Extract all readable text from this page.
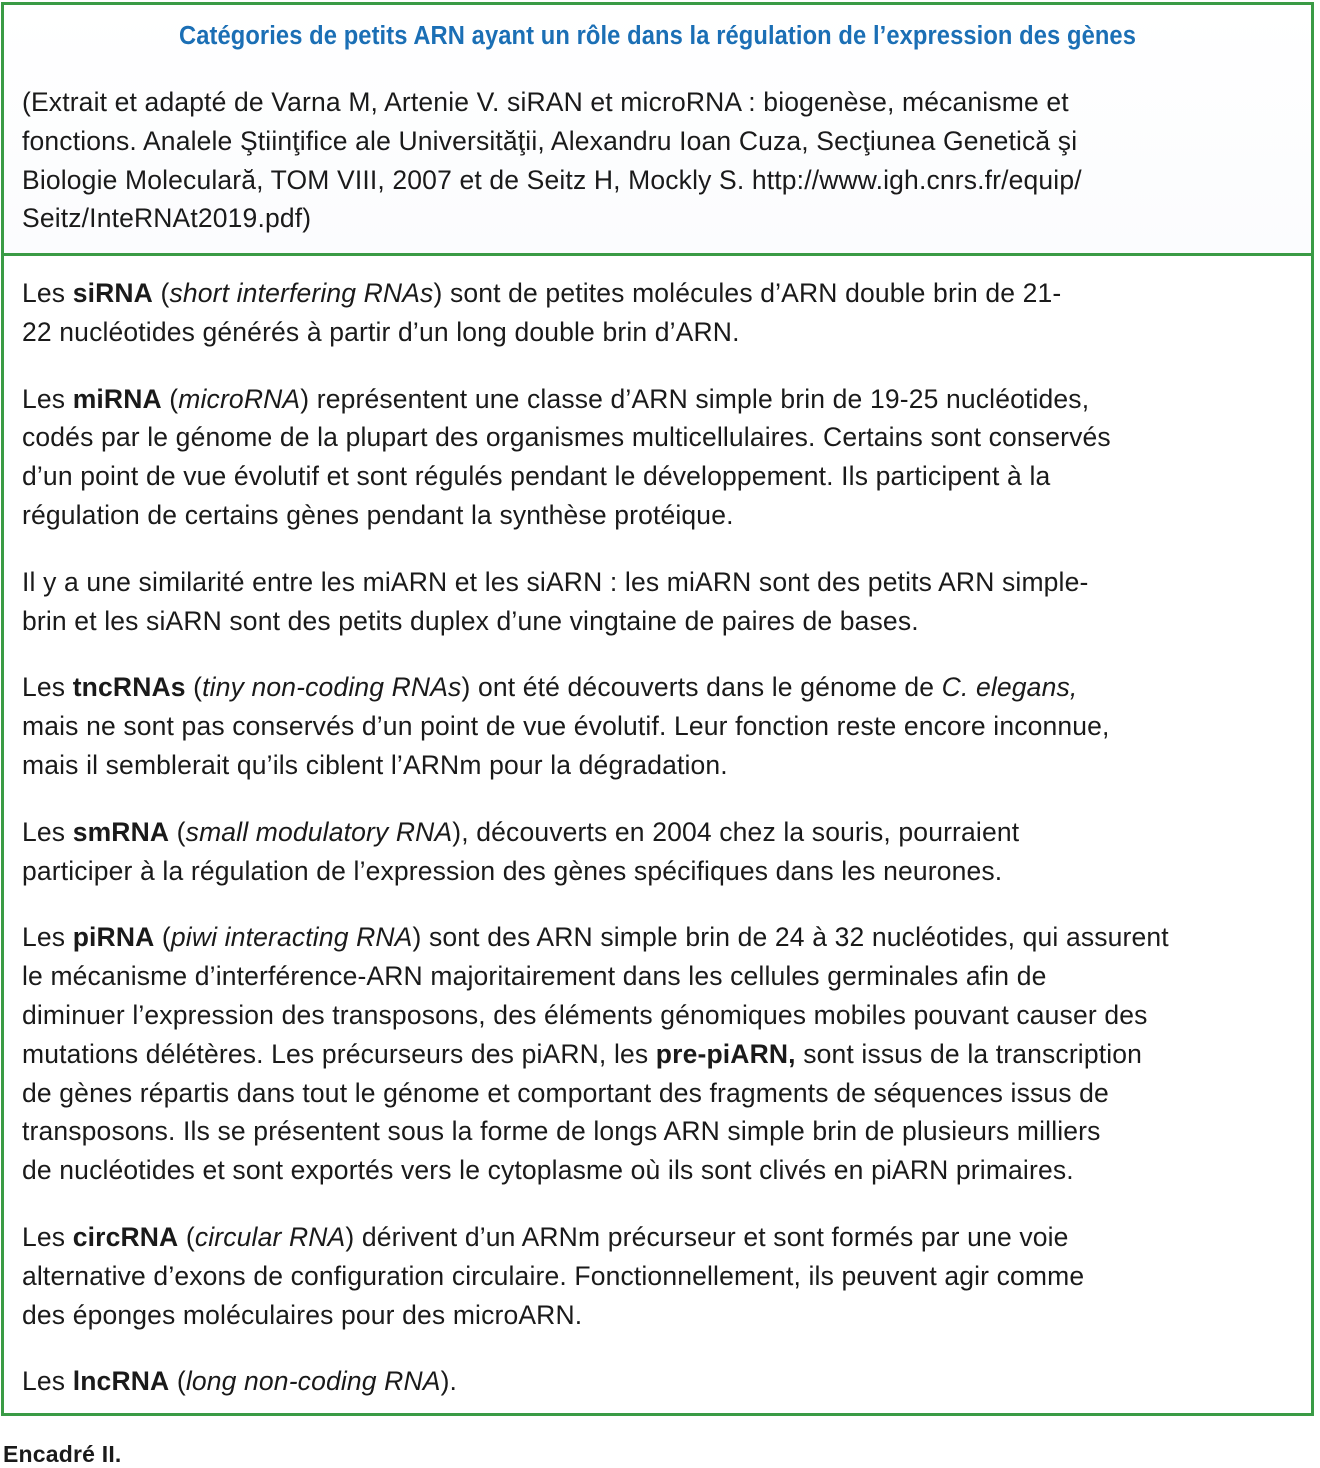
Catégories de petits ARN ayant un rôle dans la régulation de l’expression des gènes
(Extrait et adapté de Varna M, Artenie V. siRAN et microRNA : biogenèse, mécanisme et
fonctions. Analele Ştiinţifice ale Universităţii, Alexandru Ioan Cuza, Secţiunea Genetică şi
Biologie Moleculară, TOM VIII, 2007 et de Seitz H, Mockly S. http://www.igh.cnrs.fr/equip/
Seitz/InteRNAt2019.pdf)

Les siRNA (short interfering RNAs) sont de petites molécules d’ARN double brin de 21-
22 nucléotides générés à partir d’un long double brin d’ARN.

Les miRNA (microRNA) représentent une classe d’ARN simple brin de 19-25 nucléotides,
codés par le génome de la plupart des organismes multicellulaires. Certains sont conservés
d’un point de vue évolutif et sont régulés pendant le développement. Ils participent à la
régulation de certains gènes pendant la synthèse protéique.

Il y a une similarité entre les miARN et les siARN : les miARN sont des petits ARN simple-
brin et les siARN sont des petits duplex d’une vingtaine de paires de bases.

Les tncRNAs (tiny non-coding RNAs) ont été découverts dans le génome de C. elegans,
mais ne sont pas conservés d’un point de vue évolutif. Leur fonction reste encore inconnue,
mais il semblerait qu’ils ciblent l’ARNm pour la dégradation.

Les smRNA (small modulatory RNA), découverts en 2004 chez la souris, pourraient
participer à la régulation de l’expression des gènes spécifiques dans les neurones.

Les piRNA (piwi interacting RNA) sont des ARN simple brin de 24 à 32 nucléotides, qui assurent
le mécanisme d’interférence-ARN majoritairement dans les cellules germinales afin de
diminuer l’expression des transposons, des éléments génomiques mobiles pouvant causer des
mutations délétères. Les précurseurs des piARN, les pre-piARN, sont issus de la transcription
de gènes répartis dans tout le génome et comportant des fragments de séquences issus de
transposons. Ils se présentent sous la forme de longs ARN simple brin de plusieurs milliers
de nucléotides et sont exportés vers le cytoplasme où ils sont clivés en piARN primaires.

Les circRNA (circular RNA) dérivent d’un ARNm précurseur et sont formés par une voie
alternative d’exons de configuration circulaire. Fonctionnellement, ils peuvent agir comme
des éponges moléculaires pour des microARN.

Les lncRNA (long non-coding RNA).

Encadré II.
